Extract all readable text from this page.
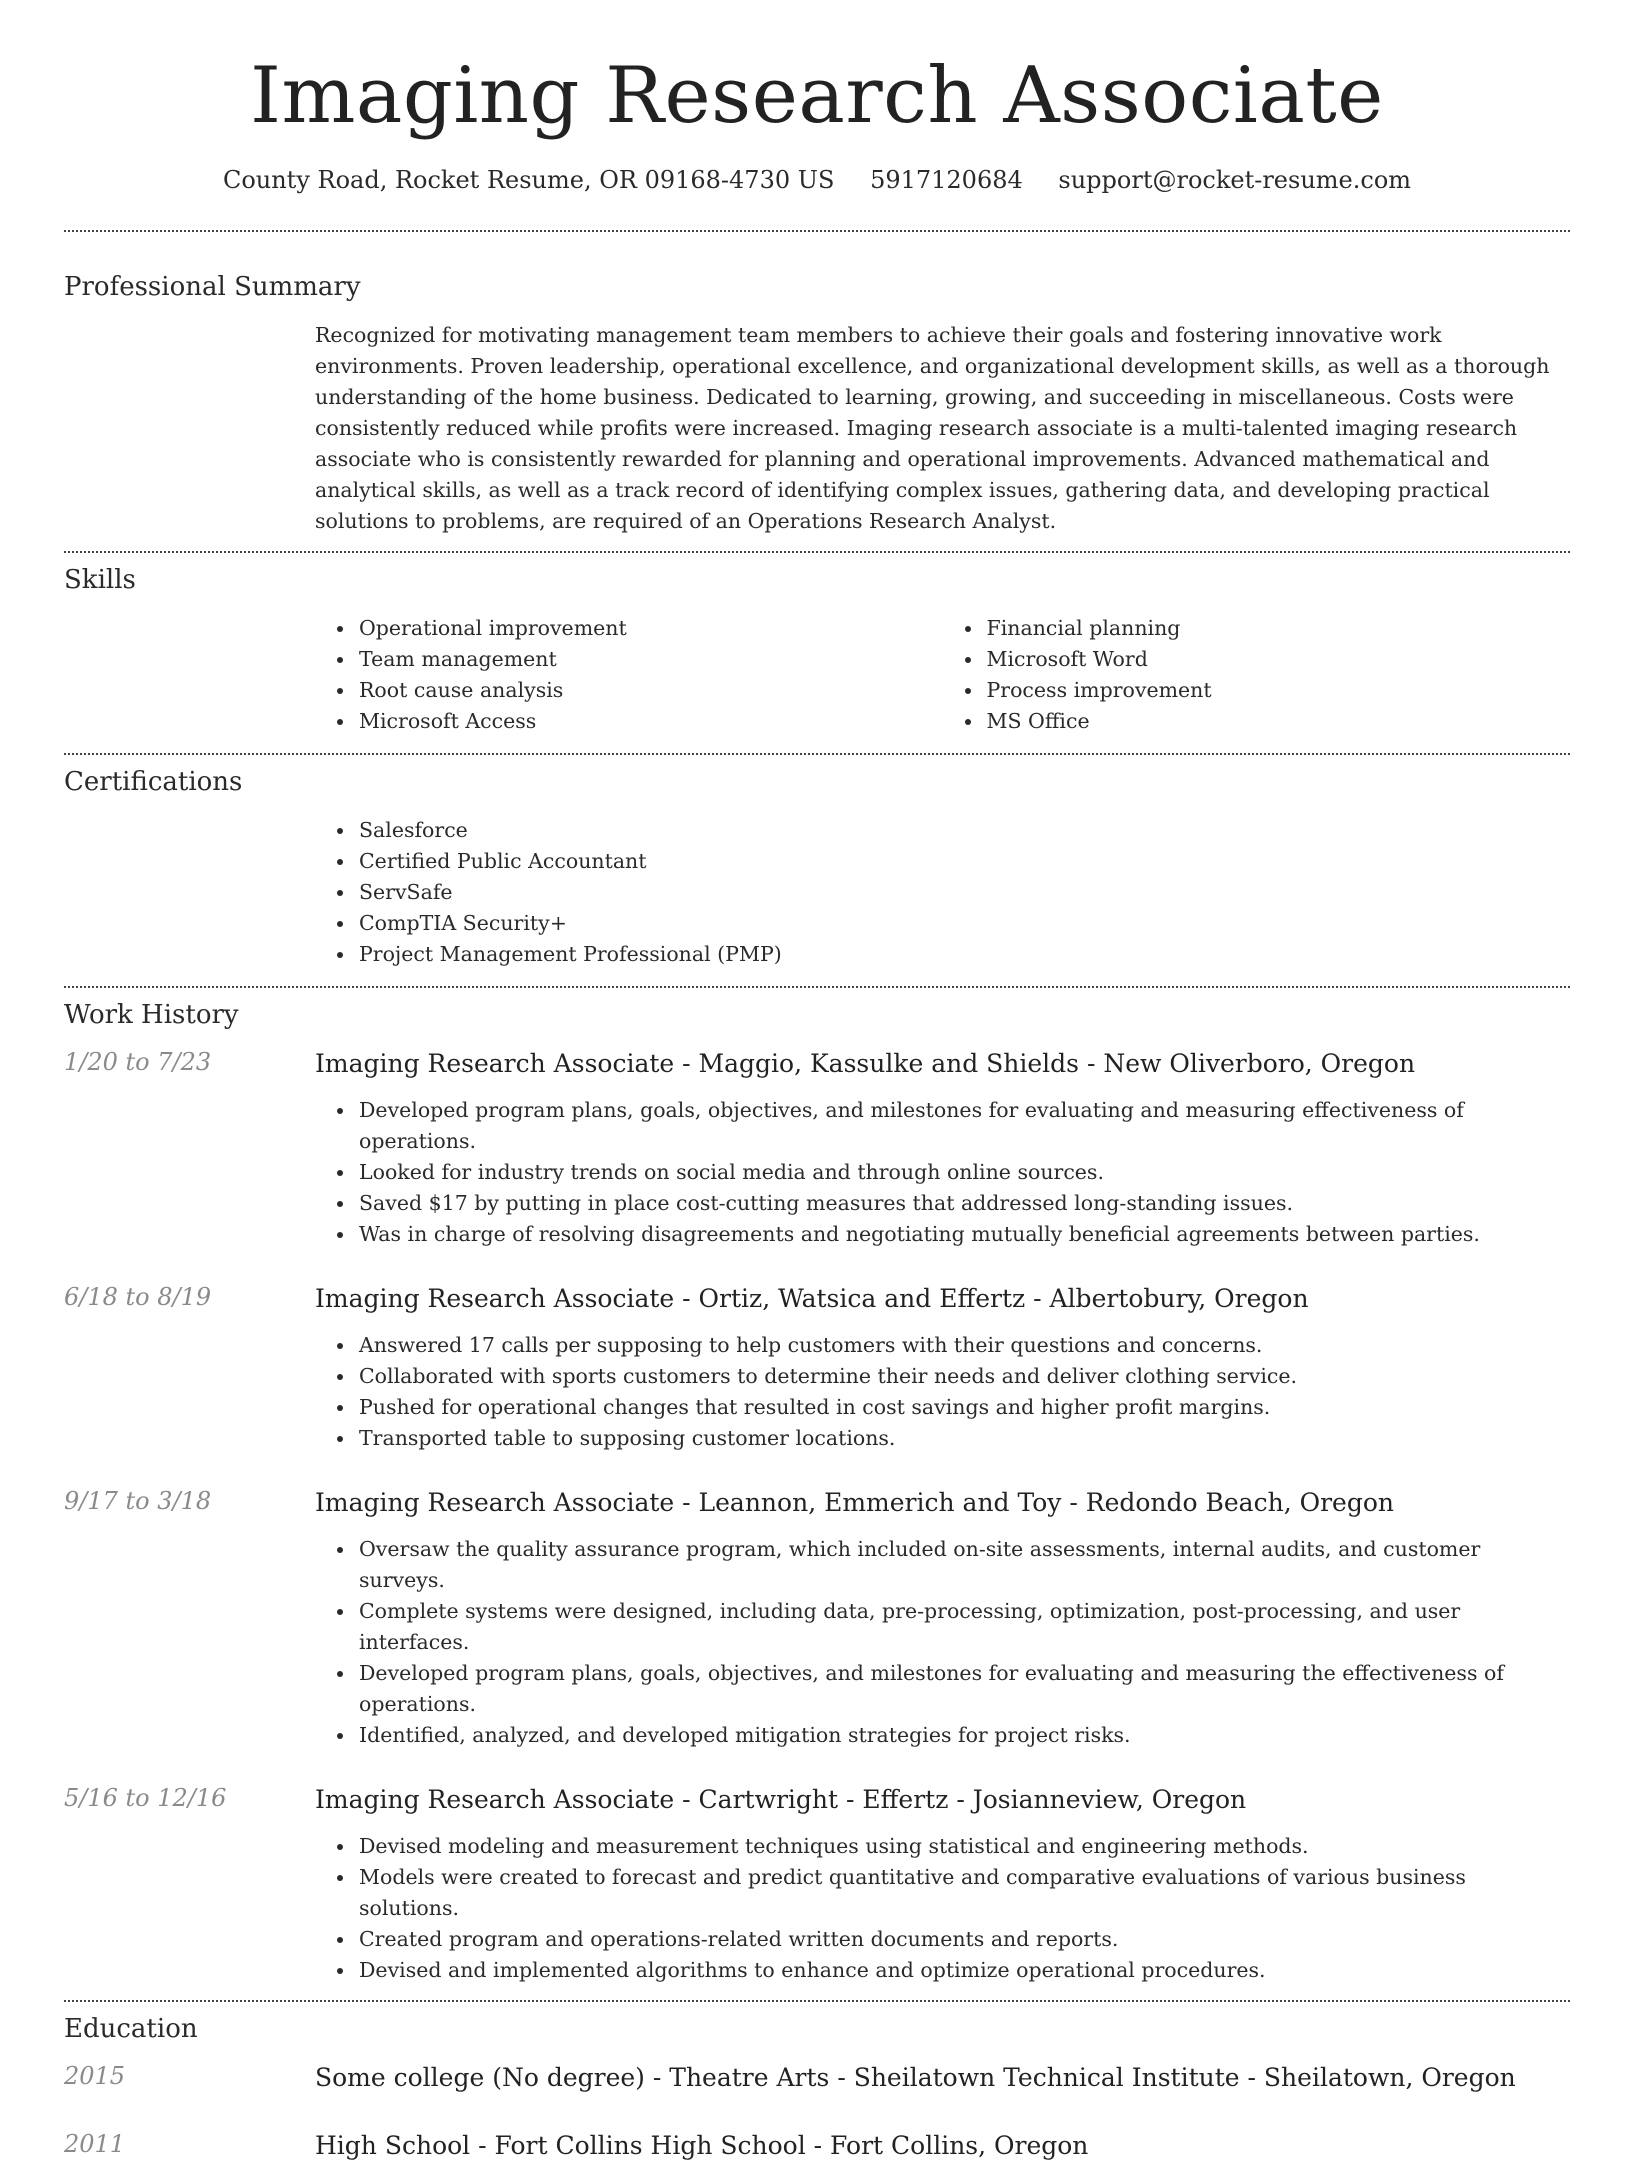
Imaging Research Associate
County Road, Rocket Resume, OR 09168-4730 US 5917120684 support@rocket-resume.com
Professional Summary
Recognized for motivating management team members to achieve their goals and fostering innovative work environments. Proven leadership, operational excellence, and organizational development skills, as well as a thorough understanding of the home business. Dedicated to learning, growing, and succeeding in miscellaneous. Costs were consistently reduced while profits were increased. Imaging research associate is a multi-talented imaging research associate who is consistently rewarded for planning and operational improvements. Advanced mathematical and analytical skills, as well as a track record of identifying complex issues, gathering data, and developing practical solutions to problems, are required of an Operations Research Analyst.
Skills
Operational improvement
Team management
Root cause analysis
Microsoft Access
Financial planning
Microsoft Word
Process improvement
MS Office
Certifications
Salesforce
Certified Public Accountant
ServSafe
CompTIA Security+
Project Management Professional (PMP)
Work History
1/20 to 7/23	Imaging Research Associate - Maggio, Kassulke and Shields - New Oliverboro, Oregon
Developed program plans, goals, objectives, and milestones for evaluating and measuring effectiveness of operations.
Looked for industry trends on social media and through online sources.
Saved $17 by putting in place cost-cutting measures that addressed long-standing issues.
Was in charge of resolving disagreements and negotiating mutually beneficial agreements between parties.
6/18 to 8/19	Imaging Research Associate - Ortiz, Watsica and Effertz - Albertobury, Oregon
Answered 17 calls per supposing to help customers with their questions and concerns.
Collaborated with sports customers to determine their needs and deliver clothing service.
Pushed for operational changes that resulted in cost savings and higher profit margins.
Transported table to supposing customer locations.
9/17 to 3/18	Imaging Research Associate - Leannon, Emmerich and Toy - Redondo Beach, Oregon
Oversaw the quality assurance program, which included on-site assessments, internal audits, and customer surveys.
Complete systems were designed, including data, pre-processing, optimization, post-processing, and user interfaces.
Developed program plans, goals, objectives, and milestones for evaluating and measuring the effectiveness of operations.
Identified, analyzed, and developed mitigation strategies for project risks.
5/16 to 12/16	Imaging Research Associate - Cartwright - Effertz - Josianneview, Oregon
Devised modeling and measurement techniques using statistical and engineering methods.
Models were created to forecast and predict quantitative and comparative evaluations of various business solutions.
Created program and operations-related written documents and reports.
Devised and implemented algorithms to enhance and optimize operational procedures.
Education
2015	Some college (No degree) - Theatre Arts - Sheilatown Technical Institute - Sheilatown, Oregon
2011	High School - Fort Collins High School - Fort Collins, Oregon
